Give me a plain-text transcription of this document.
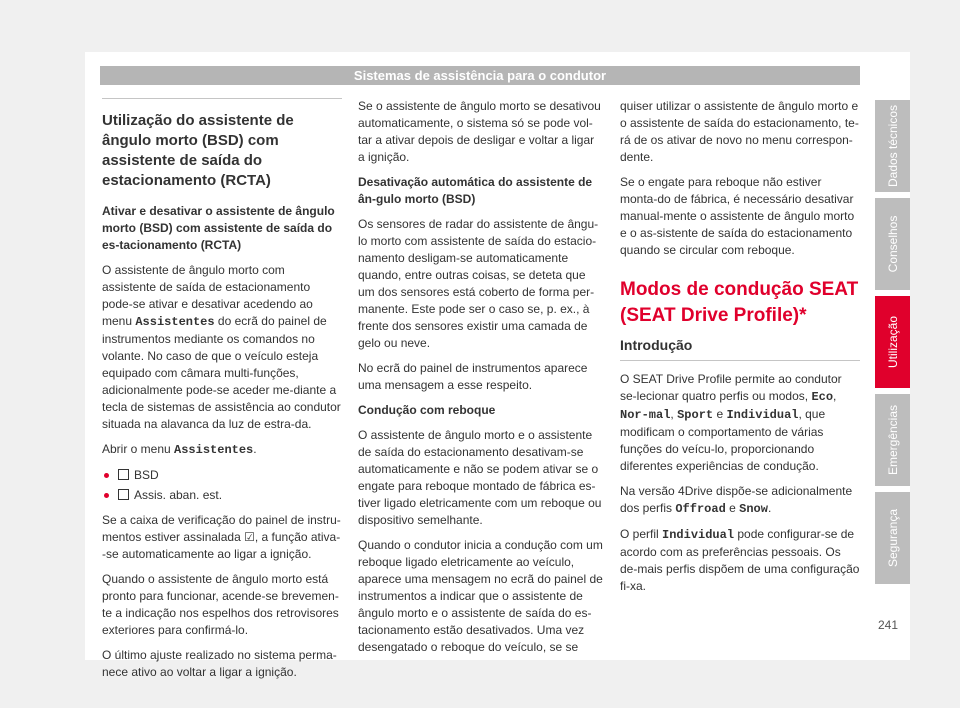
Sistemas de assistência para o condutor
Utilização do assistente de ângulo morto (BSD) com assistente de saída do estacionamento (RCTA)

Ativar e desativar o assistente de ângulo morto (BSD) com assistente de saída do es-tacionamento (RCTA)

O assistente de ângulo morto com assistente de saída de estacionamento pode-se ativar e desativar acedendo ao menu Assistentes do ecrã do painel de instrumentos mediante os comandos no volante. No caso de que o veículo esteja equipado com câmara multi-funções, adicionalmente pode-se aceder me-diante a tecla de sistemas de assistência ao condutor situada na alavanca da luz de estra-da.

Abrir o menu Assistentes.

BSD
Assis. aban. est.

Se a caixa de verificação do painel de instru-mentos estiver assinalada ☑, a função ativa--se automaticamente ao ligar a ignição.

Quando o assistente de ângulo morto está pronto para funcionar, acende-se brevemen-te a indicação nos espelhos dos retrovisores exteriores para confirmá-lo.

O último ajuste realizado no sistema perma-nece ativo ao voltar a ligar a ignição.

Se o assistente de ângulo morto se desativou automaticamente, o sistema só se pode vol-tar a ativar depois de desligar e voltar a ligar a ignição.

Desativação automática do assistente de ân-gulo morto (BSD)

Os sensores de radar do assistente de ângu-lo morto com assistente de saída do estacio-namento desligam-se automaticamente quando, entre outras coisas, se deteta que um dos sensores está coberto de forma per-manente. Este pode ser o caso se, p. ex., à frente dos sensores existir uma camada de gelo ou neve.

No ecrã do painel de instrumentos aparece uma mensagem a esse respeito.

Condução com reboque

O assistente de ângulo morto e o assistente de saída do estacionamento desativam-se automaticamente e não se podem ativar se o engate para reboque montado de fábrica es-tiver ligado eletricamente com um reboque ou dispositivo semelhante.

Quando o condutor inicia a condução com um reboque ligado eletricamente ao veículo, aparece uma mensagem no ecrã do painel de instrumentos a indicar que o assistente de ângulo morto e o assistente de saída do es-tacionamento estão desativados. Uma vez desengatado o reboque do veículo, se se

quiser utilizar o assistente de ângulo morto e o assistente de saída do estacionamento, te-rá de os ativar de novo no menu correspon-dente.

Se o engate para reboque não estiver monta-do de fábrica, é necessário desativar manual-mente o assistente de ângulo morto e o as-sistente de saída do estacionamento quando se circular com reboque.

Modos de condução SEAT (SEAT Drive Profile)*
Introdução

O SEAT Drive Profile permite ao condutor se-lecionar quatro perfis ou modos, Eco, Nor-mal, Sport e Individual, que modificam o comportamento de várias funções do veícu-lo, proporcionando diferentes experiências de condução.

Na versão 4Drive dispõe-se adicionalmente dos perfis Offroad e Snow.

O perfil Individual pode configurar-se de acordo com as preferências pessoais. Os de-mais perfis dispõem de uma configuração fi-xa.

Dados técnicos
Conselhos
Utilização
Emergências
Segurança
241
